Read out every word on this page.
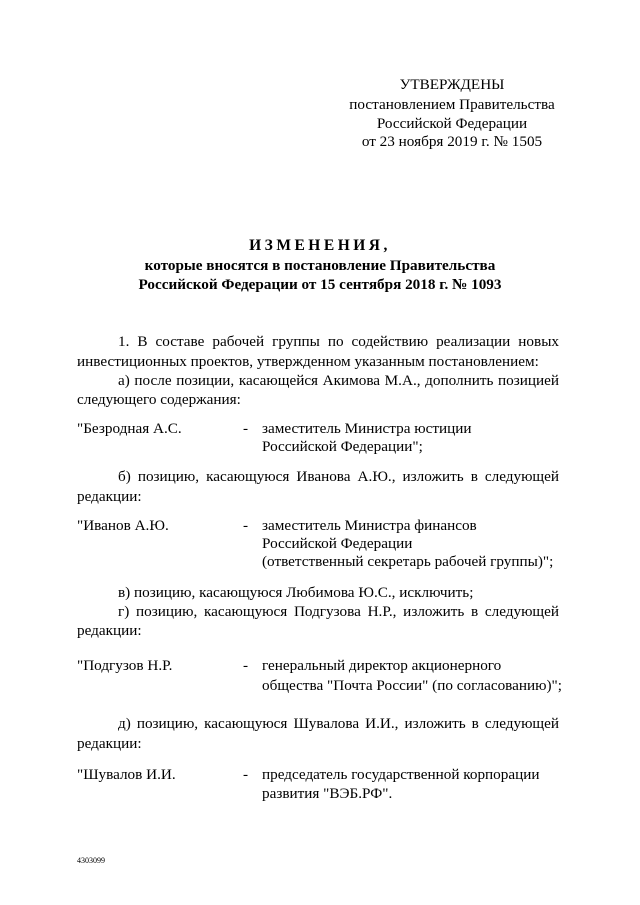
УТВЕРЖДЕНЫ
постановлением Правительства
Российской Федерации
от 23 ноября 2019 г. № 1505
ИЗМЕНЕНИЯ,
которые вносятся в постановление Правительства
Российской Федерации от 15 сентября 2018 г. № 1093
1. В составе рабочей группы по содействию реализации новых
инвестиционных проектов, утвержденном указанным постановлением:
а) после позиции, касающейся Акимова М.А., дополнить позицией
следующего содержания:
"Безродная А.С.	- заместитель Министра юстиции
Российской Федерации";
б) позицию, касающуюся Иванова А.Ю., изложить в следующей
редакции:
"Иванов А.Ю.	- заместитель Министра финансов
Российской Федерации
(ответственный секретарь рабочей группы)";
в) позицию, касающуюся Любимова Ю.С., исключить;
г) позицию, касающуюся Подгузова Н.Р., изложить в следующей
редакции:
"Подгузов Н.Р.	- генеральный директор акционерного
общества "Почта России" (по согласованию)";
д) позицию, касающуюся Шувалова И.И., изложить в следующей
редакции:
"Шувалов И.И.	- председатель государственной корпорации
развития "ВЭБ.РФ".
4303099
